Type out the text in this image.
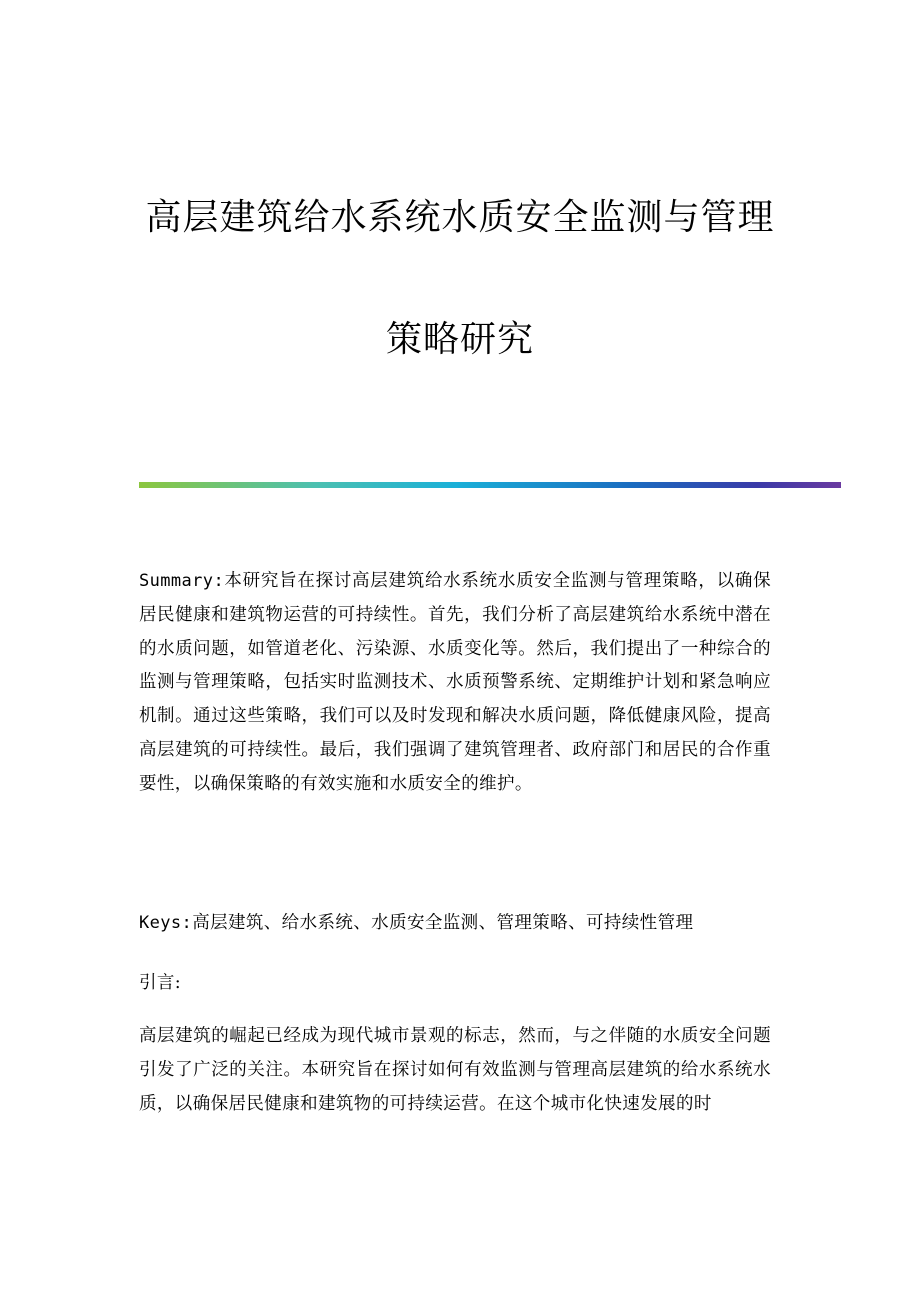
高层建筑给水系统水质安全监测与管理
策略研究

Summary:本研究旨在探讨高层建筑给水系统水质安全监测与管理策略，以确保居民健康和建筑物运营的可持续性。首先，我们分析了高层建筑给水系统中潜在的水质问题，如管道老化、污染源、水质变化等。然后，我们提出了一种综合的监测与管理策略，包括实时监测技术、水质预警系统、定期维护计划和紧急响应机制。通过这些策略，我们可以及时发现和解决水质问题，降低健康风险，提高高层建筑的可持续性。最后，我们强调了建筑管理者、政府部门和居民的合作重要性，以确保策略的有效实施和水质安全的维护。

Keys:高层建筑、给水系统、水质安全监测、管理策略、可持续性管理

引言:

高层建筑的崛起已经成为现代城市景观的标志，然而，与之伴随的水质安全问题引发了广泛的关注。本研究旨在探讨如何有效监测与管理高层建筑的给水系统水质，以确保居民健康和建筑物的可持续运营。在这个城市化快速发展的时
